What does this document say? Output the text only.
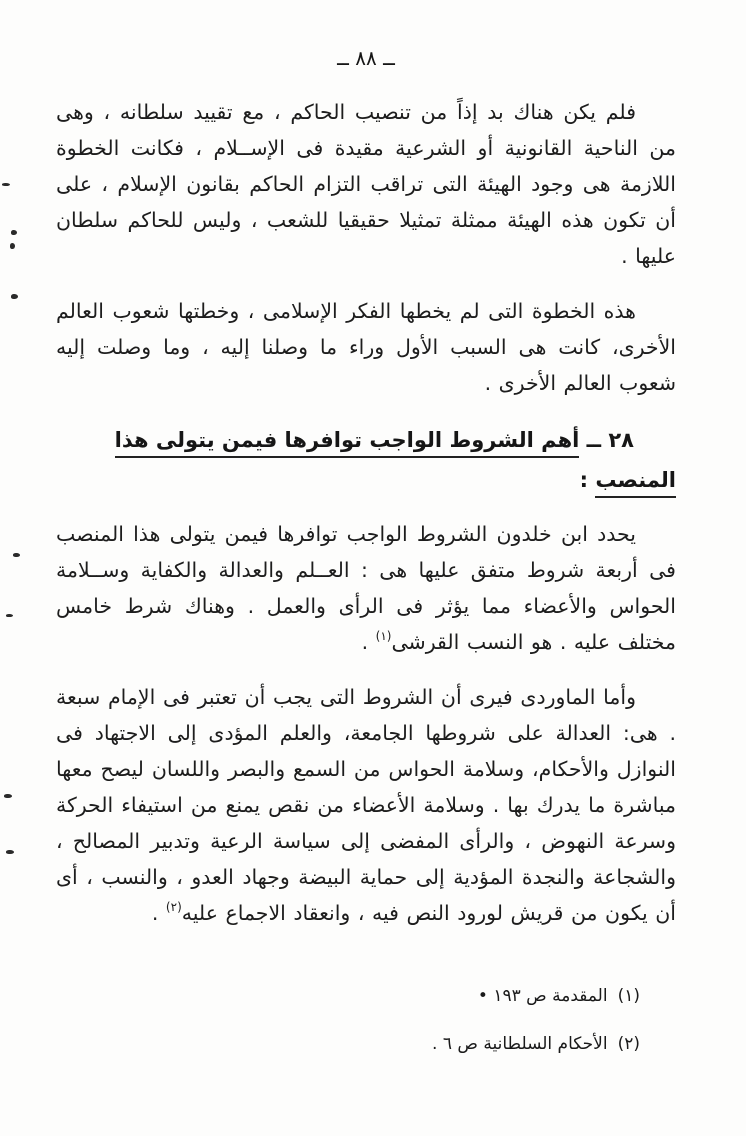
ــ ٨٨ ــ

فلم يكن هناك بد إذاً من تنصيب الحاكم ، مع تقييد سلطانه ، وهى من الناحية القانونية أو الشرعية مقيدة فى الإســلام ، فكانت الخطوة اللازمة هى وجود الهيئة التى تراقب التزام الحاكم بقانون الإسلام ، على أن تكون هذه الهيئة ممثلة تمثيلا حقيقيا للشعب ، وليس للحاكم سلطان عليها .

هذه الخطوة التى لم يخطها الفكر الإسلامى ، وخطتها شعوب العالم الأخرى، كانت هى السبب الأول وراء ما وصلنا إليه ، وما وصلت إليه شعوب العالم الأخرى .

٢٨ ــ أهم الشروط الواجب توافرها فيمن يتولى هذا المنصب :

يحدد ابن خلدون الشروط الواجب توافرها فيمن يتولى هذا المنصب فى أربعة شروط متفق عليها هى : العــلم والعدالة والكفاية وســلامة الحواس والأعضاء مما يؤثر فى الرأى والعمل . وهناك شرط خامس مختلف عليه . هو النسب القرشى$^{(١)}$ .

وأما الماوردى فيرى أن الشروط التى يجب أن تعتبر فى الإمام سبعة . هى: العدالة على شروطها الجامعة، والعلم المؤدى إلى الاجتهاد فى النوازل والأحكام، وسلامة الحواس من السمع والبصر واللسان ليصح معها مباشرة ما يدرك بها . وسلامة الأعضاء من نقص يمنع من استيفاء الحركة وسرعة النهوض ، والرأى المفضى إلى سياسة الرعية وتدبير المصالح ، والشجاعة والنجدة المؤدية إلى حماية البيضة وجهاد العدو ، والنسب ، أى أن يكون من قريش لورود النص فيه ، وانعقاد الاجماع عليه$^{(٢)}$ .

(١)المقدمة ص ١٩٣ •
(٢)الأحكام السلطانية ص ٦ .
